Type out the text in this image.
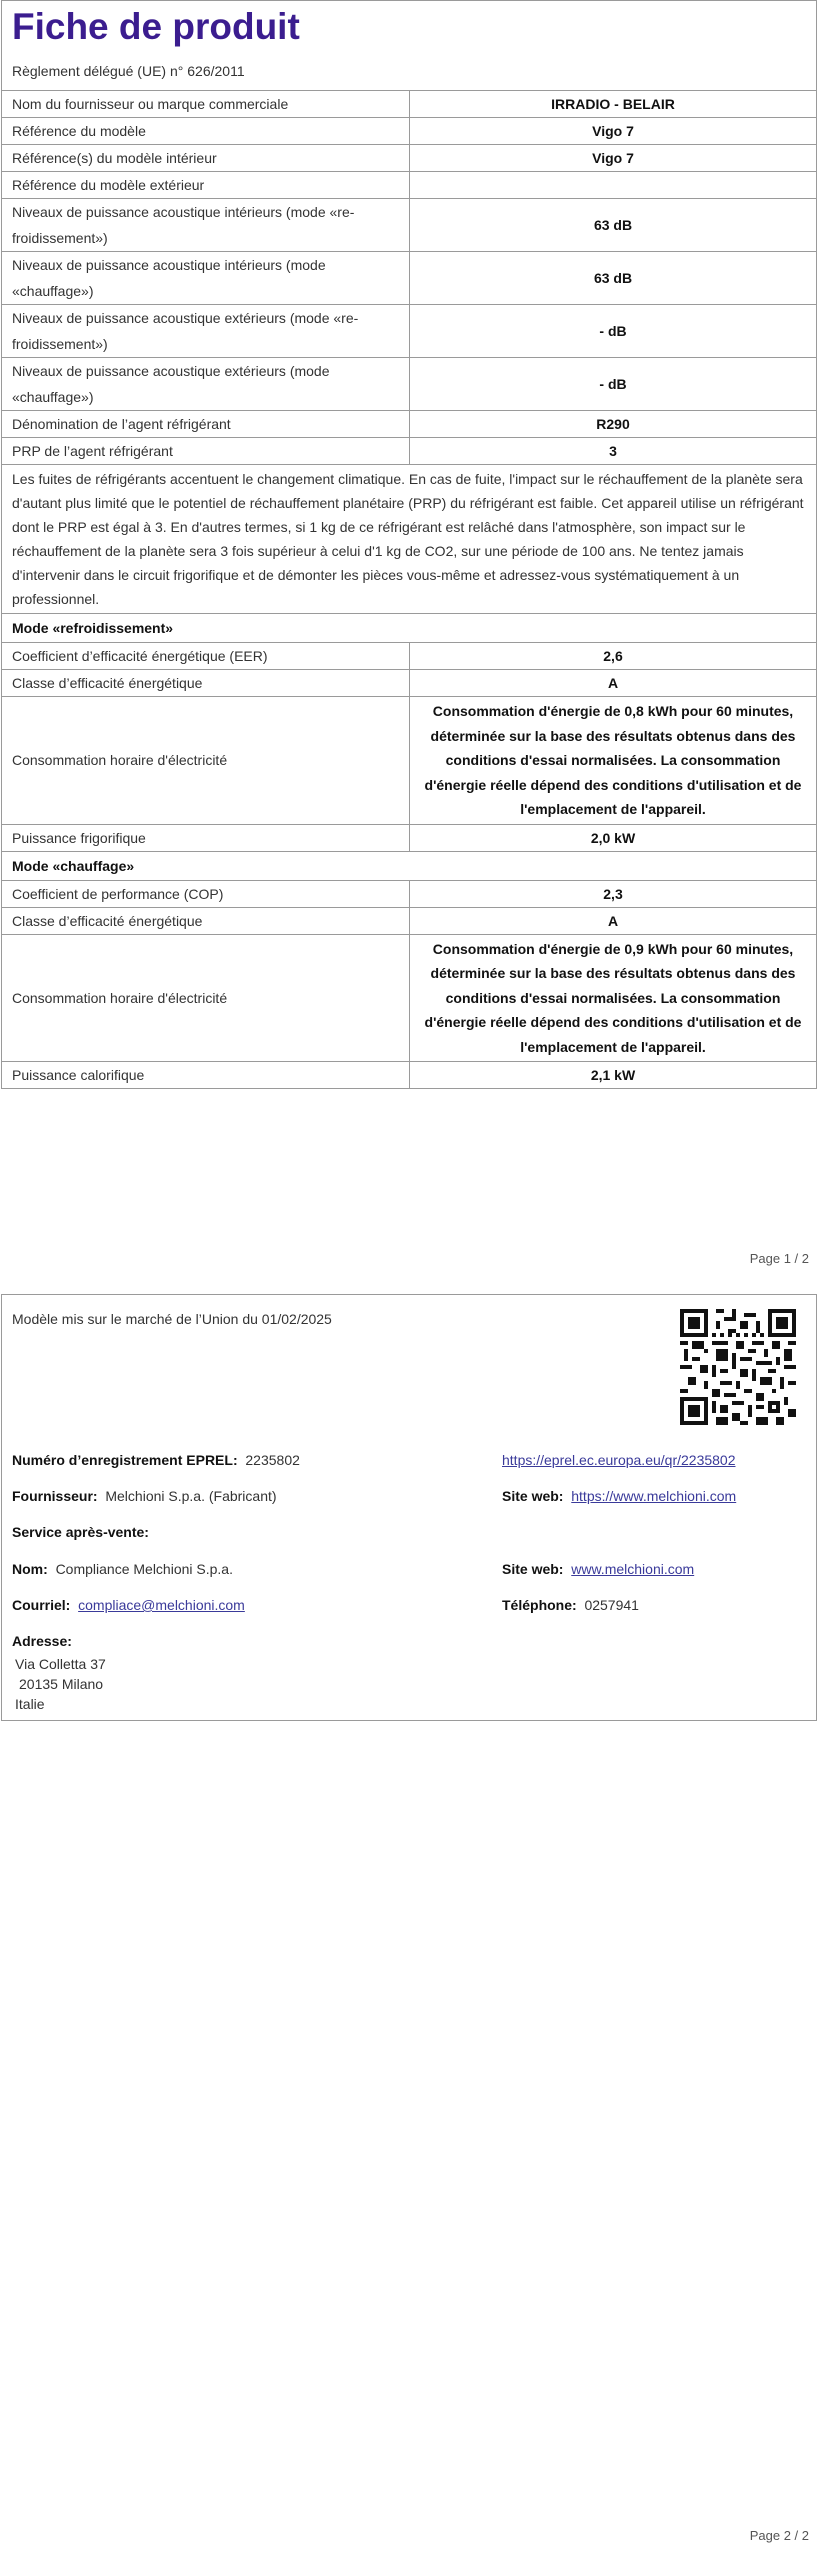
Fiche de produit
Règlement délégué (UE) n° 626/2011
Nom du fournisseur ou marque commerciale	IRRADIO - BELAIR
Référence du modèle	Vigo 7
Référence(s) du modèle intérieur	Vigo 7
Référence du modèle extérieur	
Niveaux de puissance acoustique intérieurs (mode «re-froidissement»)	63 dB
Niveaux de puissance acoustique intérieurs (mode «chauffage»)	63 dB
Niveaux de puissance acoustique extérieurs (mode «re-froidissement»)	- dB
Niveaux de puissance acoustique extérieurs (mode «chauffage»)	- dB
Dénomination de l’agent réfrigérant	R290
PRP de l’agent réfrigérant	3
Les fuites de réfrigérants accentuent le changement climatique. En cas de fuite, l'impact sur le réchauffement de la planète sera d'autant plus limité que le potentiel de réchauffement planétaire (PRP) du réfrigérant est faible. Cet appareil utilise un réfrigérant dont le PRP est égal à 3. En d'autres termes, si 1 kg de ce réfrigérant est relâché dans l'atmosphère, son impact sur le réchauffement de la planète sera 3 fois supérieur à celui d'1 kg de CO2, sur une période de 100 ans. Ne tentez jamais d'intervenir dans le circuit frigorifique et de démonter les pièces vous-même et adressez-vous systématiquement à un professionnel.	
Mode «refroidissement»	
Coefficient d’efficacité énergétique (EER)	2,6
Classe d’efficacité énergétique	A
Consommation horaire d'électricité	Consommation d'énergie de 0,8 kWh pour 60 minutes, déterminée sur la base des résultats obtenus dans des conditions d'essai normalisées. La consommation d'énergie réelle dépend des conditions d'utilisation et de l'emplacement de l'appareil.
Puissance frigorifique	2,0 kW
Mode «chauffage»	
Coefficient de performance (COP)	2,3
Classe d’efficacité énergétique	A
Consommation horaire d'électricité	Consommation d'énergie de 0,9 kWh pour 60 minutes, déterminée sur la base des résultats obtenus dans des conditions d'essai normalisées. La consommation d'énergie réelle dépend des conditions d'utilisation et de l'emplacement de l'appareil.
Puissance calorifique	2,1 kW
Page 1 / 2
Modèle mis sur le marché de l’Union du 01/02/2025
Numéro d’enregistrement EPREL: 2235802	https://eprel.ec.europa.eu/qr/2235802
Fournisseur: Melchioni S.p.a. (Fabricant)	Site web: https://www.melchioni.com
Service après-vente:
Nom: Compliance Melchioni S.p.a.	Site web: www.melchioni.com
Courriel: compliace@melchioni.com	Téléphone: 0257941
Adresse:
Via Colletta 37
20135 Milano
Italie
Page 2 / 2
